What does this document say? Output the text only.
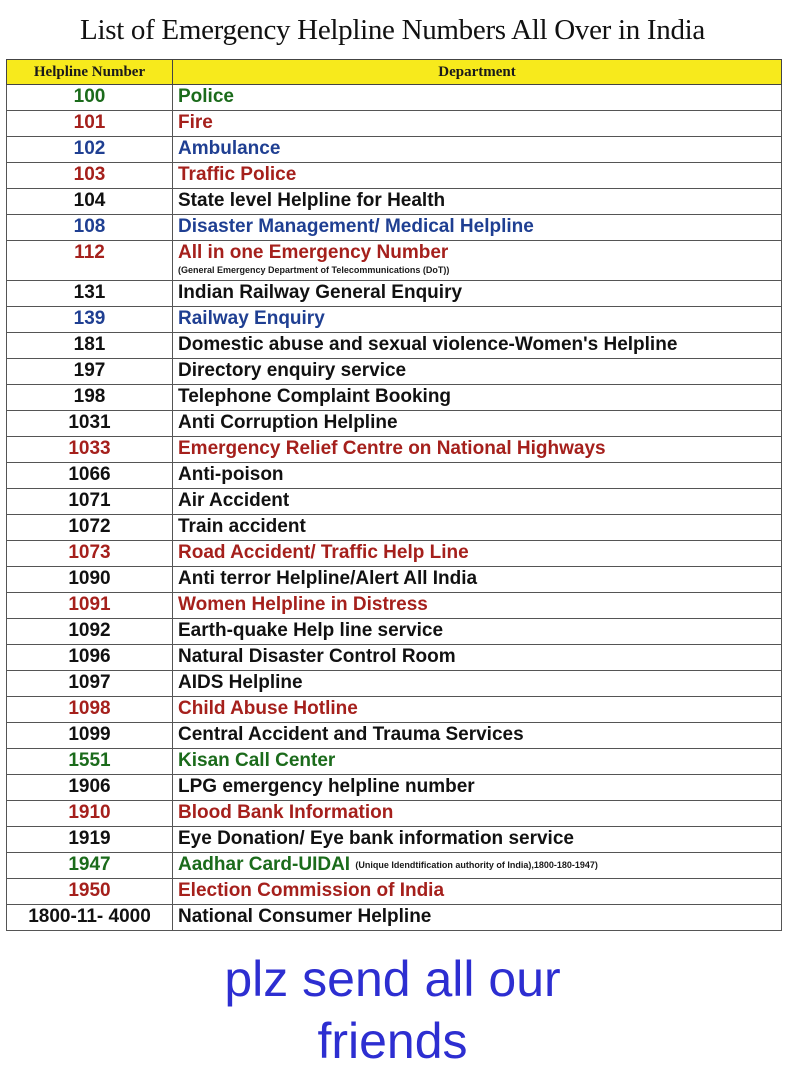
List of Emergency Helpline Numbers All Over in India
Helpline Number	Department
100	Police
101	Fire
102	Ambulance
103	Traffic Police
104	State level Helpline for Health
108	Disaster Management/ Medical Helpline
112	All in one Emergency Number
(General Emergency Department of Telecommunications (DoT))

131	Indian Railway General Enquiry
139	Railway Enquiry
181	Domestic abuse and sexual violence-Women's Helpline
197	Directory enquiry service
198	Telephone Complaint Booking
1031	Anti Corruption Helpline
1033	Emergency Relief Centre on National Highways
1066	Anti-poison
1071	Air Accident
1072	Train accident
1073	Road Accident/ Traffic Help Line
1090	Anti terror Helpline/Alert All India
1091	Women Helpline in Distress
1092	Earth-quake Help line service
1096	Natural Disaster Control Room
1097	AIDS Helpline
1098	Child Abuse Hotline
1099	Central Accident and Trauma Services
1551	Kisan Call Center
1906	LPG emergency helpline number
1910	Blood Bank Information
1919	Eye Donation/ Eye bank information service
1947	Aadhar Card-UIDAI (Unique Idendtification authority of India),1800-180-1947)
1950	Election Commission of India
1800-11- 4000	National Consumer Helpline
plz send all our
friends
